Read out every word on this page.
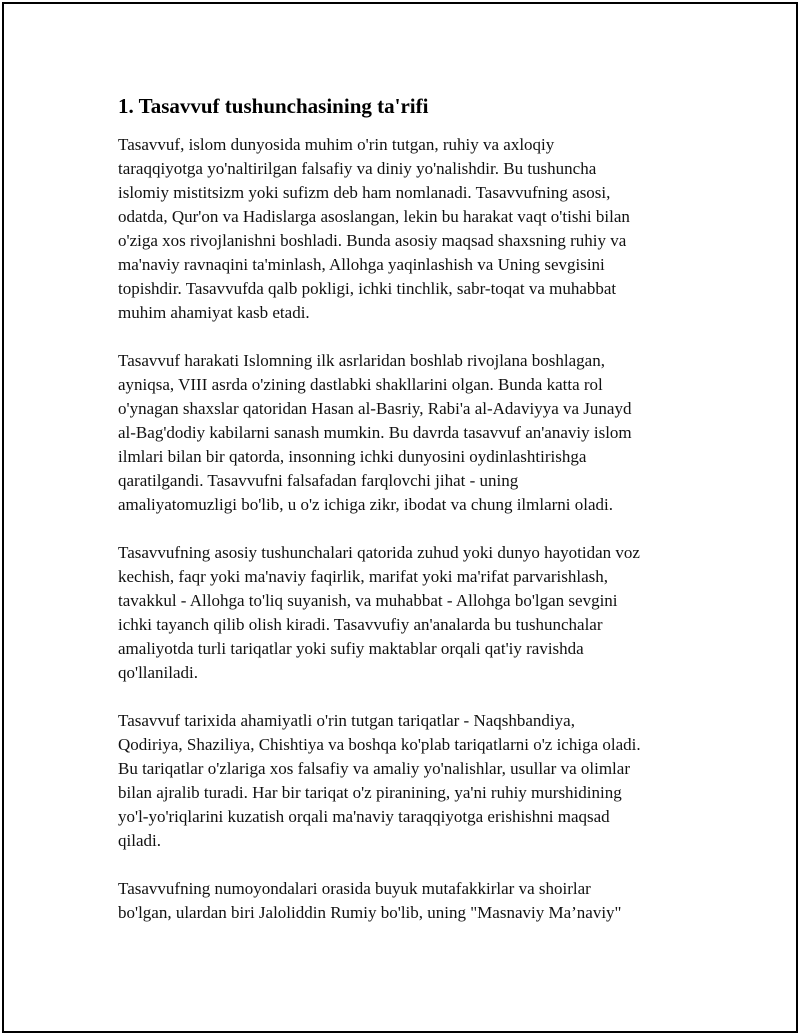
1. Tasavvuf tushunchasining ta'rifi

Tasavvuf, islom dunyosida muhim o'rin tutgan, ruhiy va axloqiy
taraqqiyotga yo'naltirilgan falsafiy va diniy yo'nalishdir. Bu tushuncha
islomiy mistitsizm yoki sufizm deb ham nomlanadi. Tasavvufning asosi,
odatda, Qur'on va Hadislarga asoslangan, lekin bu harakat vaqt o'tishi bilan
o'ziga xos rivojlanishni boshladi. Bunda asosiy maqsad shaxsning ruhiy va
ma'naviy ravnaqini ta'minlash, Allohga yaqinlashish va Uning sevgisini
topishdir. Tasavvufda qalb pokligi, ichki tinchlik, sabr-toqat va muhabbat
muhim ahamiyat kasb etadi.

Tasavvuf harakati Islomning ilk asrlaridan boshlab rivojlana boshlagan,
ayniqsa, VIII asrda o'zining dastlabki shakllarini olgan. Bunda katta rol
o'ynagan shaxslar qatoridan Hasan al-Basriy, Rabi'a al-Adaviyya va Junayd
al-Bag'dodiy kabilarni sanash mumkin. Bu davrda tasavvuf an'anaviy islom
ilmlari bilan bir qatorda, insonning ichki dunyosini oydinlashtirishga
qaratilgandi. Tasavvufni falsafadan farqlovchi jihat - uning
amaliyatomuzligi bo'lib, u o'z ichiga zikr, ibodat va chung ilmlarni oladi.

Tasavvufning asosiy tushunchalari qatorida zuhud yoki dunyo hayotidan voz
kechish, faqr yoki ma'naviy faqirlik, marifat yoki ma'rifat parvarishlash,
tavakkul - Allohga to'liq suyanish, va muhabbat - Allohga bo'lgan sevgini
ichki tayanch qilib olish kiradi. Tasavvufiy an'analarda bu tushunchalar
amaliyotda turli tariqatlar yoki sufiy maktablar orqali qat'iy ravishda
qo'llaniladi.

Tasavvuf tarixida ahamiyatli o'rin tutgan tariqatlar - Naqshbandiya,
Qodiriya, Shaziliya, Chishtiya va boshqa ko'plab tariqatlarni o'z ichiga oladi.
Bu tariqatlar o'zlariga xos falsafiy va amaliy yo'nalishlar, usullar va olimlar
bilan ajralib turadi. Har bir tariqat o'z piranining, ya'ni ruhiy murshidining
yo'l-yo'riqlarini kuzatish orqali ma'naviy taraqqiyotga erishishni maqsad
qiladi.

Tasavvufning numoyondalari orasida buyuk mutafakkirlar va shoirlar
bo'lgan, ulardan biri Jaloliddin Rumiy bo'lib, uning "Masnaviy Ma’naviy"
